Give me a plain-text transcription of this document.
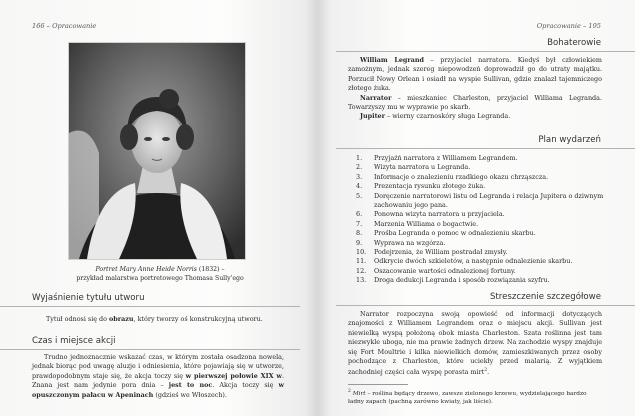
166 – Opracowanie
Portret Mary Anne Heide Norris (1832) –
przykład malarstwa portretowego Thomasa Sully'ego
Wyjaśnienie tytułu utworu
Tytuł odnosi się do obrazu, który tworzy oś konstrukcyjną utworu.
Czas i miejsce akcji
Trudno jednoznacznie wskazać czas, w którym została osadzona nowela, jednak biorąc pod uwagę aluzje i odniesienia, które pojawiają się w utworze, prawdopodobnym staje się, że akcja toczy się w pierwszej połowie XIX w. Znana jest nam jedynie pora dnia – jest to noc. Akcja toczy się w opuszczonym pałacu w Apeninach (gdzieś we Włoszech).
Opracowanie – 195
Bohaterowie
William Legrand – przyjaciel narratora. Kiedyś był człowiekiem zamożnym, jednak szereg niepowodzeń doprowadził go do utraty majątku. Porzucił Nowy Orlean i osiadł na wyspie Sullivan, gdzie znalazł tajemniczego złotego żuka.
Narrator – mieszkaniec Charleston, przyjaciel Williama Legranda. Towarzyszy mu w wyprawie po skarb.
Jupiter – wierny czarnoskóry sługa Legranda.
Plan wydarzeń
1. Przyjaźń narratora z Williamem Legrandem.
2. Wizyta narratora u Legranda.
3. Informacje o znalezieniu rzadkiego okazu chrząszcza.
4. Prezentacja rysunku złotego żuka.
5. Doręczenie narratorowi listu od Legranda i relacja Jupitera o dziwnym zachowaniu jego pana.
6. Ponowna wizyta narratora u przyjaciela.
7. Marzenia Williama o bogactwie.
8. Prośba Legranda o pomoc w odnalezieniu skarbu.
9. Wyprawa na wzgórza.
10. Podejrzenia, że William postradał zmysły.
11. Odkrycie dwóch szkieletów, a następnie odnalezienie skarbu.
12. Oszacowanie wartości odnalezionej fortuny.
13. Droga dedukcji Legranda i sposób rozwiązania szyfru.
Streszczenie szczegółowe
Narrator rozpoczyna swoją opowieść od informacji dotyczących znajomości z Williamem Legrandem oraz o miejscu akcji. Sullivan jest niewielką wyspą położoną obok miasta Charleston. Szata roślinna jest tam niezwykle uboga, nie ma prawie żadnych drzew. Na zachodzie wyspy znajduje się Fort Moultrie i kilka niewielkich domów, zamieszkiwanych przez osoby pochodzące z Charleston, które uciekły przed malarią. Z wyjątkiem zachodniej części cała wyspę porasta mirt$^2$.
$^2$ Mirt – roślina będący drzewo, zawsze zielonego krzewu, wydzielającego bardzo ładny zapach (pachną zarówno kwiaty, jak liście).
